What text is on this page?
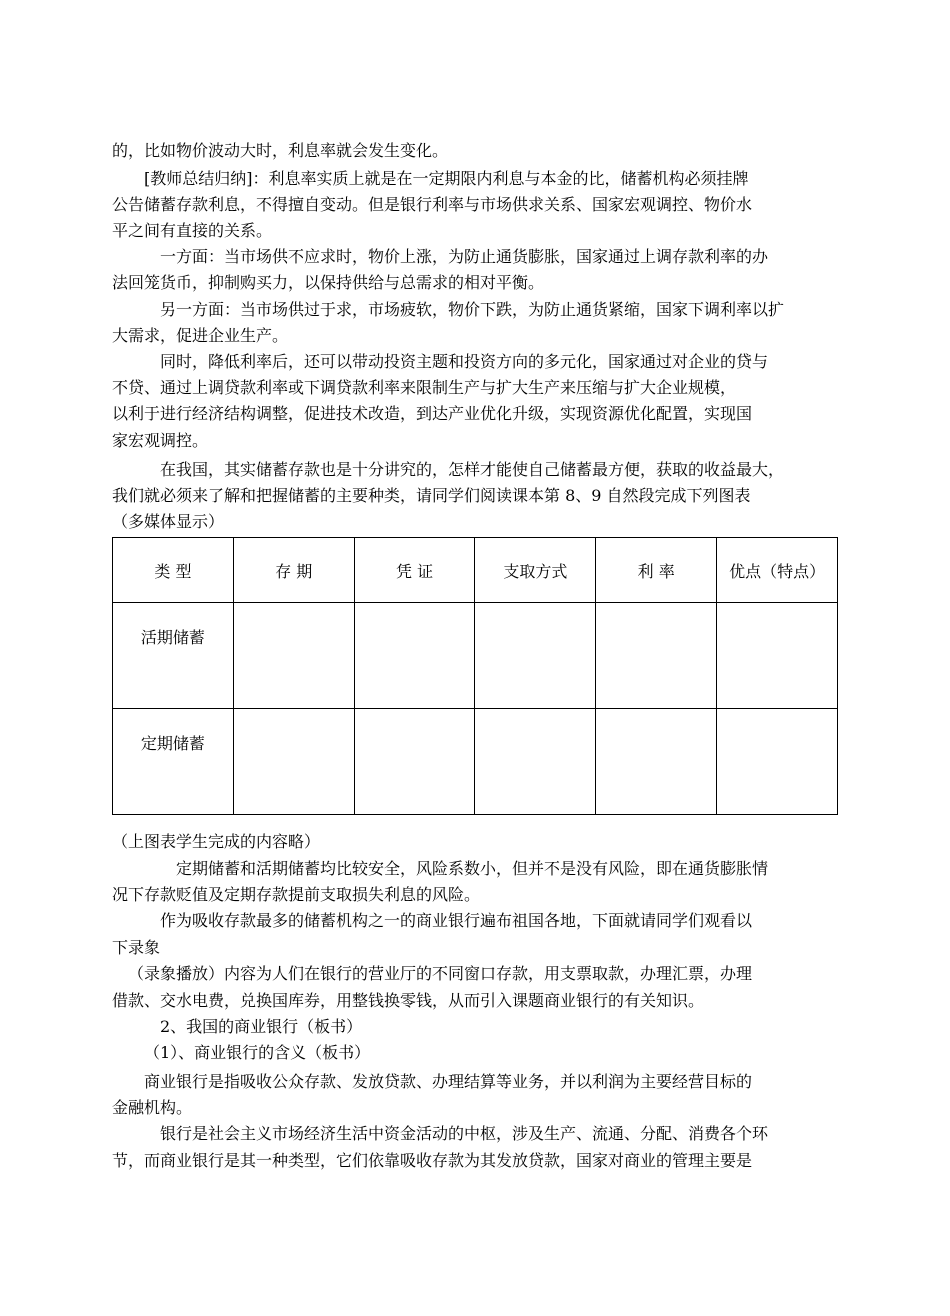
的，比如物价波动大时，利息率就会发生变化。
[教师总结归纳]：利息率实质上就是在一定期限内利息与本金的比，储蓄机构必须挂牌
公告储蓄存款利息，不得擅自变动。但是银行利率与市场供求关系、国家宏观调控、物价水
平之间有直接的关系。
一方面：当市场供不应求时，物价上涨，为防止通货膨胀，国家通过上调存款利率的办
法回笼货币，抑制购买力，以保持供给与总需求的相对平衡。
另一方面：当市场供过于求，市场疲软，物价下跌，为防止通货紧缩，国家下调利率以扩
大需求，促进企业生产。
同时，降低利率后，还可以带动投资主题和投资方向的多元化，国家通过对企业的贷与
不贷、通过上调贷款利率或下调贷款利率来限制生产与扩大生产来压缩与扩大企业规模，
以利于进行经济结构调整，促进技术改造，到达产业优化升级，实现资源优化配置，实现国
家宏观调控。
在我国，其实储蓄存款也是十分讲究的，怎样才能使自己储蓄最方便，获取的收益最大，
我们就必须来了解和把握储蓄的主要种类，请同学们阅读课本第 8、9 自然段完成下列图表
（多媒体显示）
类 型	存 期	凭 证	支取方式	利 率	优点（特点）

活期储蓄					

定期储蓄					

（上图表学生完成的内容略）
定期储蓄和活期储蓄均比较安全，风险系数小，但并不是没有风险，即在通货膨胀情
况下存款贬值及定期存款提前支取损失利息的风险。
作为吸收存款最多的储蓄机构之一的商业银行遍布祖国各地，下面就请同学们观看以
下录象
（录象播放）内容为人们在银行的营业厅的不同窗口存款，用支票取款，办理汇票，办理
借款、交水电费，兑换国库券，用整钱换零钱，从而引入课题商业银行的有关知识。
2、我国的商业银行（板书）
（1）、商业银行的含义（板书）
商业银行是指吸收公众存款、发放贷款、办理结算等业务，并以利润为主要经营目标的
金融机构。
银行是社会主义市场经济生活中资金活动的中枢，涉及生产、流通、分配、消费各个环
节，而商业银行是其一种类型，它们依靠吸收存款为其发放贷款，国家对商业的管理主要是
